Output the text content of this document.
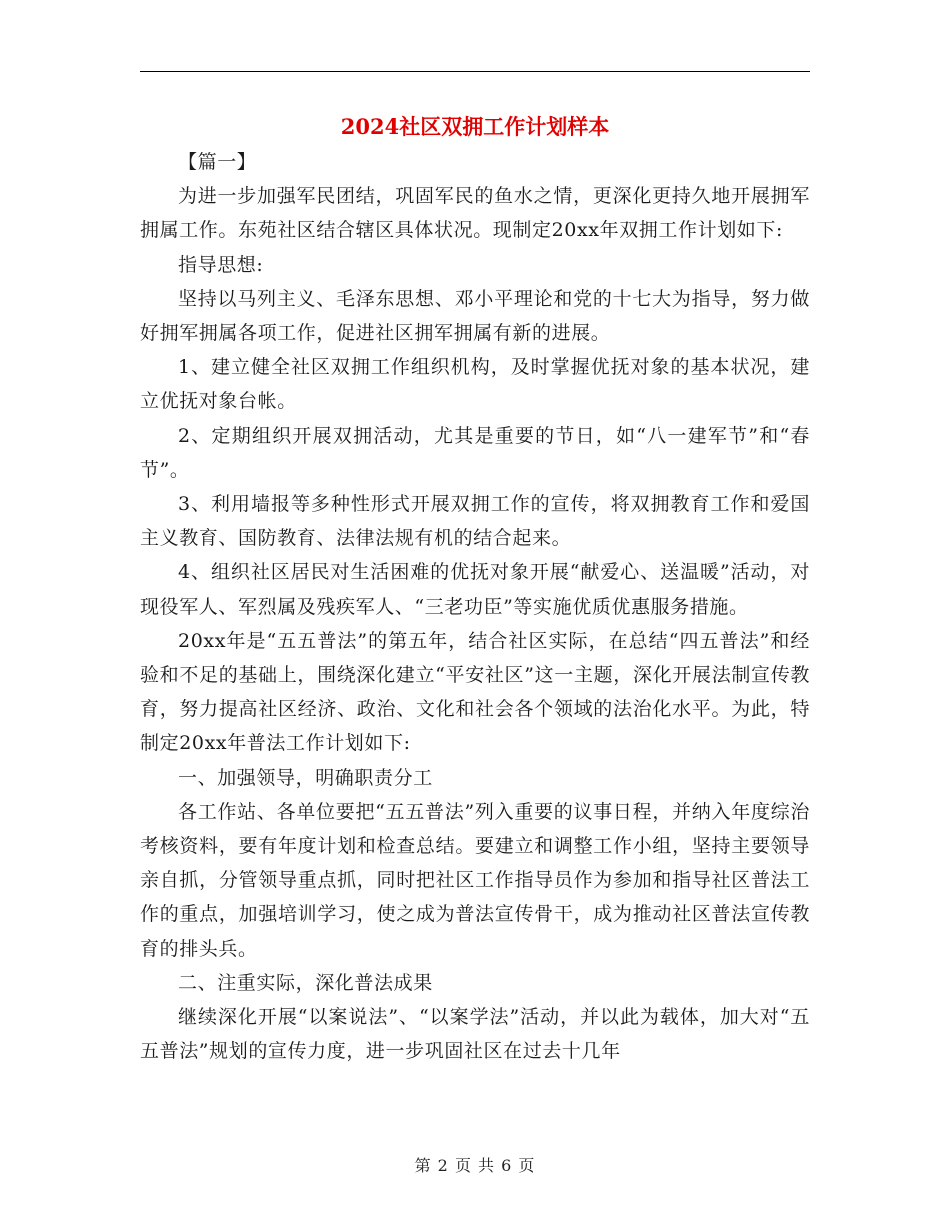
2024社区双拥工作计划样本

【篇一】

为进一步加强军民团结，巩固军民的鱼水之情，更深化更持久地开展拥军拥属工作。东苑社区结合辖区具体状况。现制定20xx年双拥工作计划如下:

指导思想:

坚持以马列主义、毛泽东思想、邓小平理论和党的十七大为指导，努力做好拥军拥属各项工作，促进社区拥军拥属有新的进展。

1、建立健全社区双拥工作组织机构，及时掌握优抚对象的基本状况，建立优抚对象台帐。

2、定期组织开展双拥活动，尤其是重要的节日，如“八一建军节”和“春节”。

3、利用墙报等多种性形式开展双拥工作的宣传，将双拥教育工作和爱国主义教育、国防教育、法律法规有机的结合起来。

4、组织社区居民对生活困难的优抚对象开展“献爱心、送温暖”活动，对现役军人、军烈属及残疾军人、“三老功臣”等实施优质优惠服务措施。

20xx年是“五五普法”的第五年，结合社区实际，在总结“四五普法”和经验和不足的基础上，围绕深化建立“平安社区”这一主题，深化开展法制宣传教育，努力提高社区经济、政治、文化和社会各个领域的法治化水平。为此，特制定20xx年普法工作计划如下:

一、加强领导，明确职责分工

各工作站、各单位要把“五五普法”列入重要的议事日程，并纳入年度综治考核资料，要有年度计划和检查总结。要建立和调整工作小组，坚持主要领导亲自抓，分管领导重点抓，同时把社区工作指导员作为参加和指导社区普法工作的重点，加强培训学习，使之成为普法宣传骨干，成为推动社区普法宣传教育的排头兵。

二、注重实际，深化普法成果

继续深化开展“以案说法”、“以案学法”活动，并以此为载体，加大对“五五普法”规划的宣传力度，进一步巩固社区在过去十几年

第 2 页 共 6 页
